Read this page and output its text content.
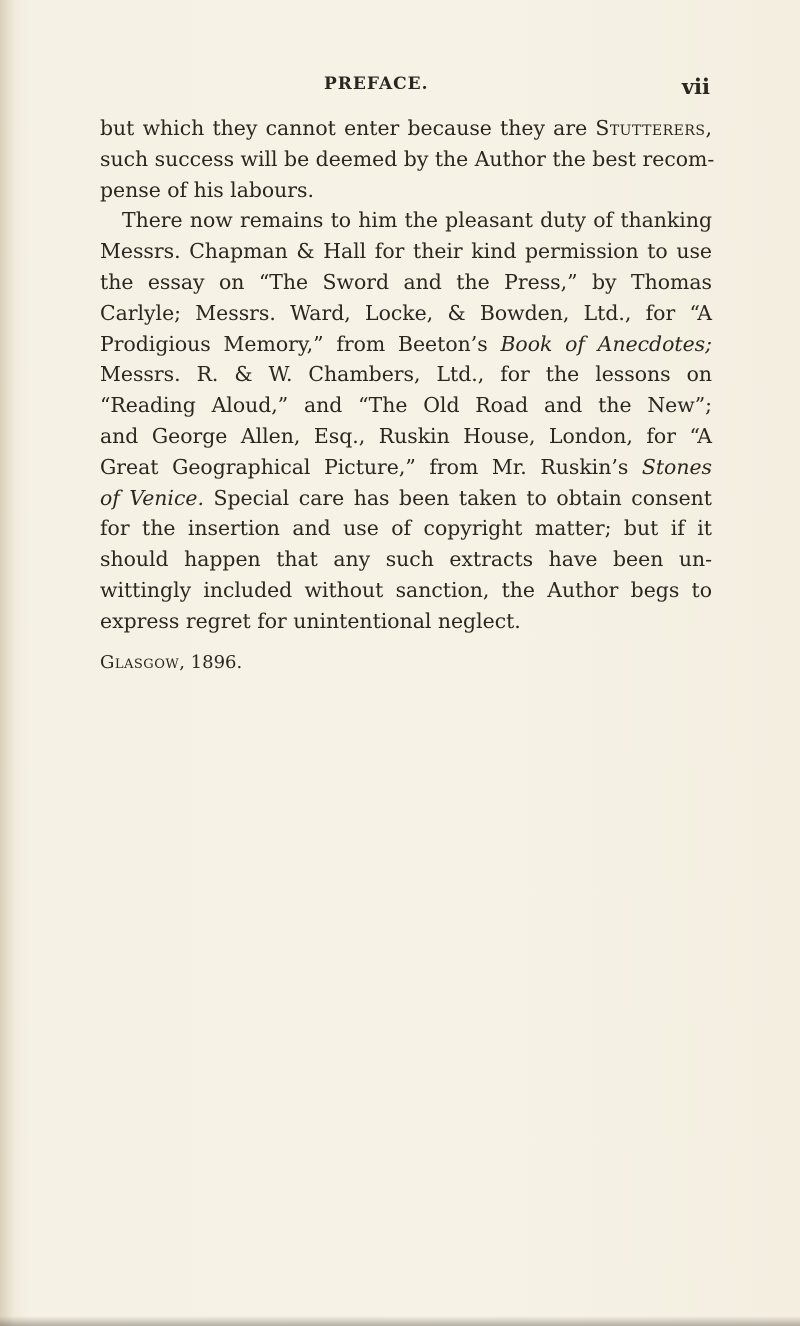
PREFACE.	vii
but which they cannot enter because they are Stutterers,
such success will be deemed by the Author the best recom-
pense of his labours.
There now remains to him the pleasant duty of thanking
Messrs. Chapman & Hall for their kind permission to use
the essay on “The Sword and the Press,” by Thomas
Carlyle; Messrs. Ward, Locke, & Bowden, Ltd., for “A
Prodigious Memory,” from Beeton’s Book of Anecdotes;
Messrs. R. & W. Chambers, Ltd., for the lessons on
“Reading Aloud,” and “The Old Road and the New”;
and George Allen, Esq., Ruskin House, London, for “A
Great Geographical Picture,” from Mr. Ruskin’s Stones
of Venice. Special care has been taken to obtain consent
for the insertion and use of copyright matter; but if it
should happen that any such extracts have been un-
wittingly included without sanction, the Author begs to
express regret for unintentional neglect.
Glasgow, 1896.
